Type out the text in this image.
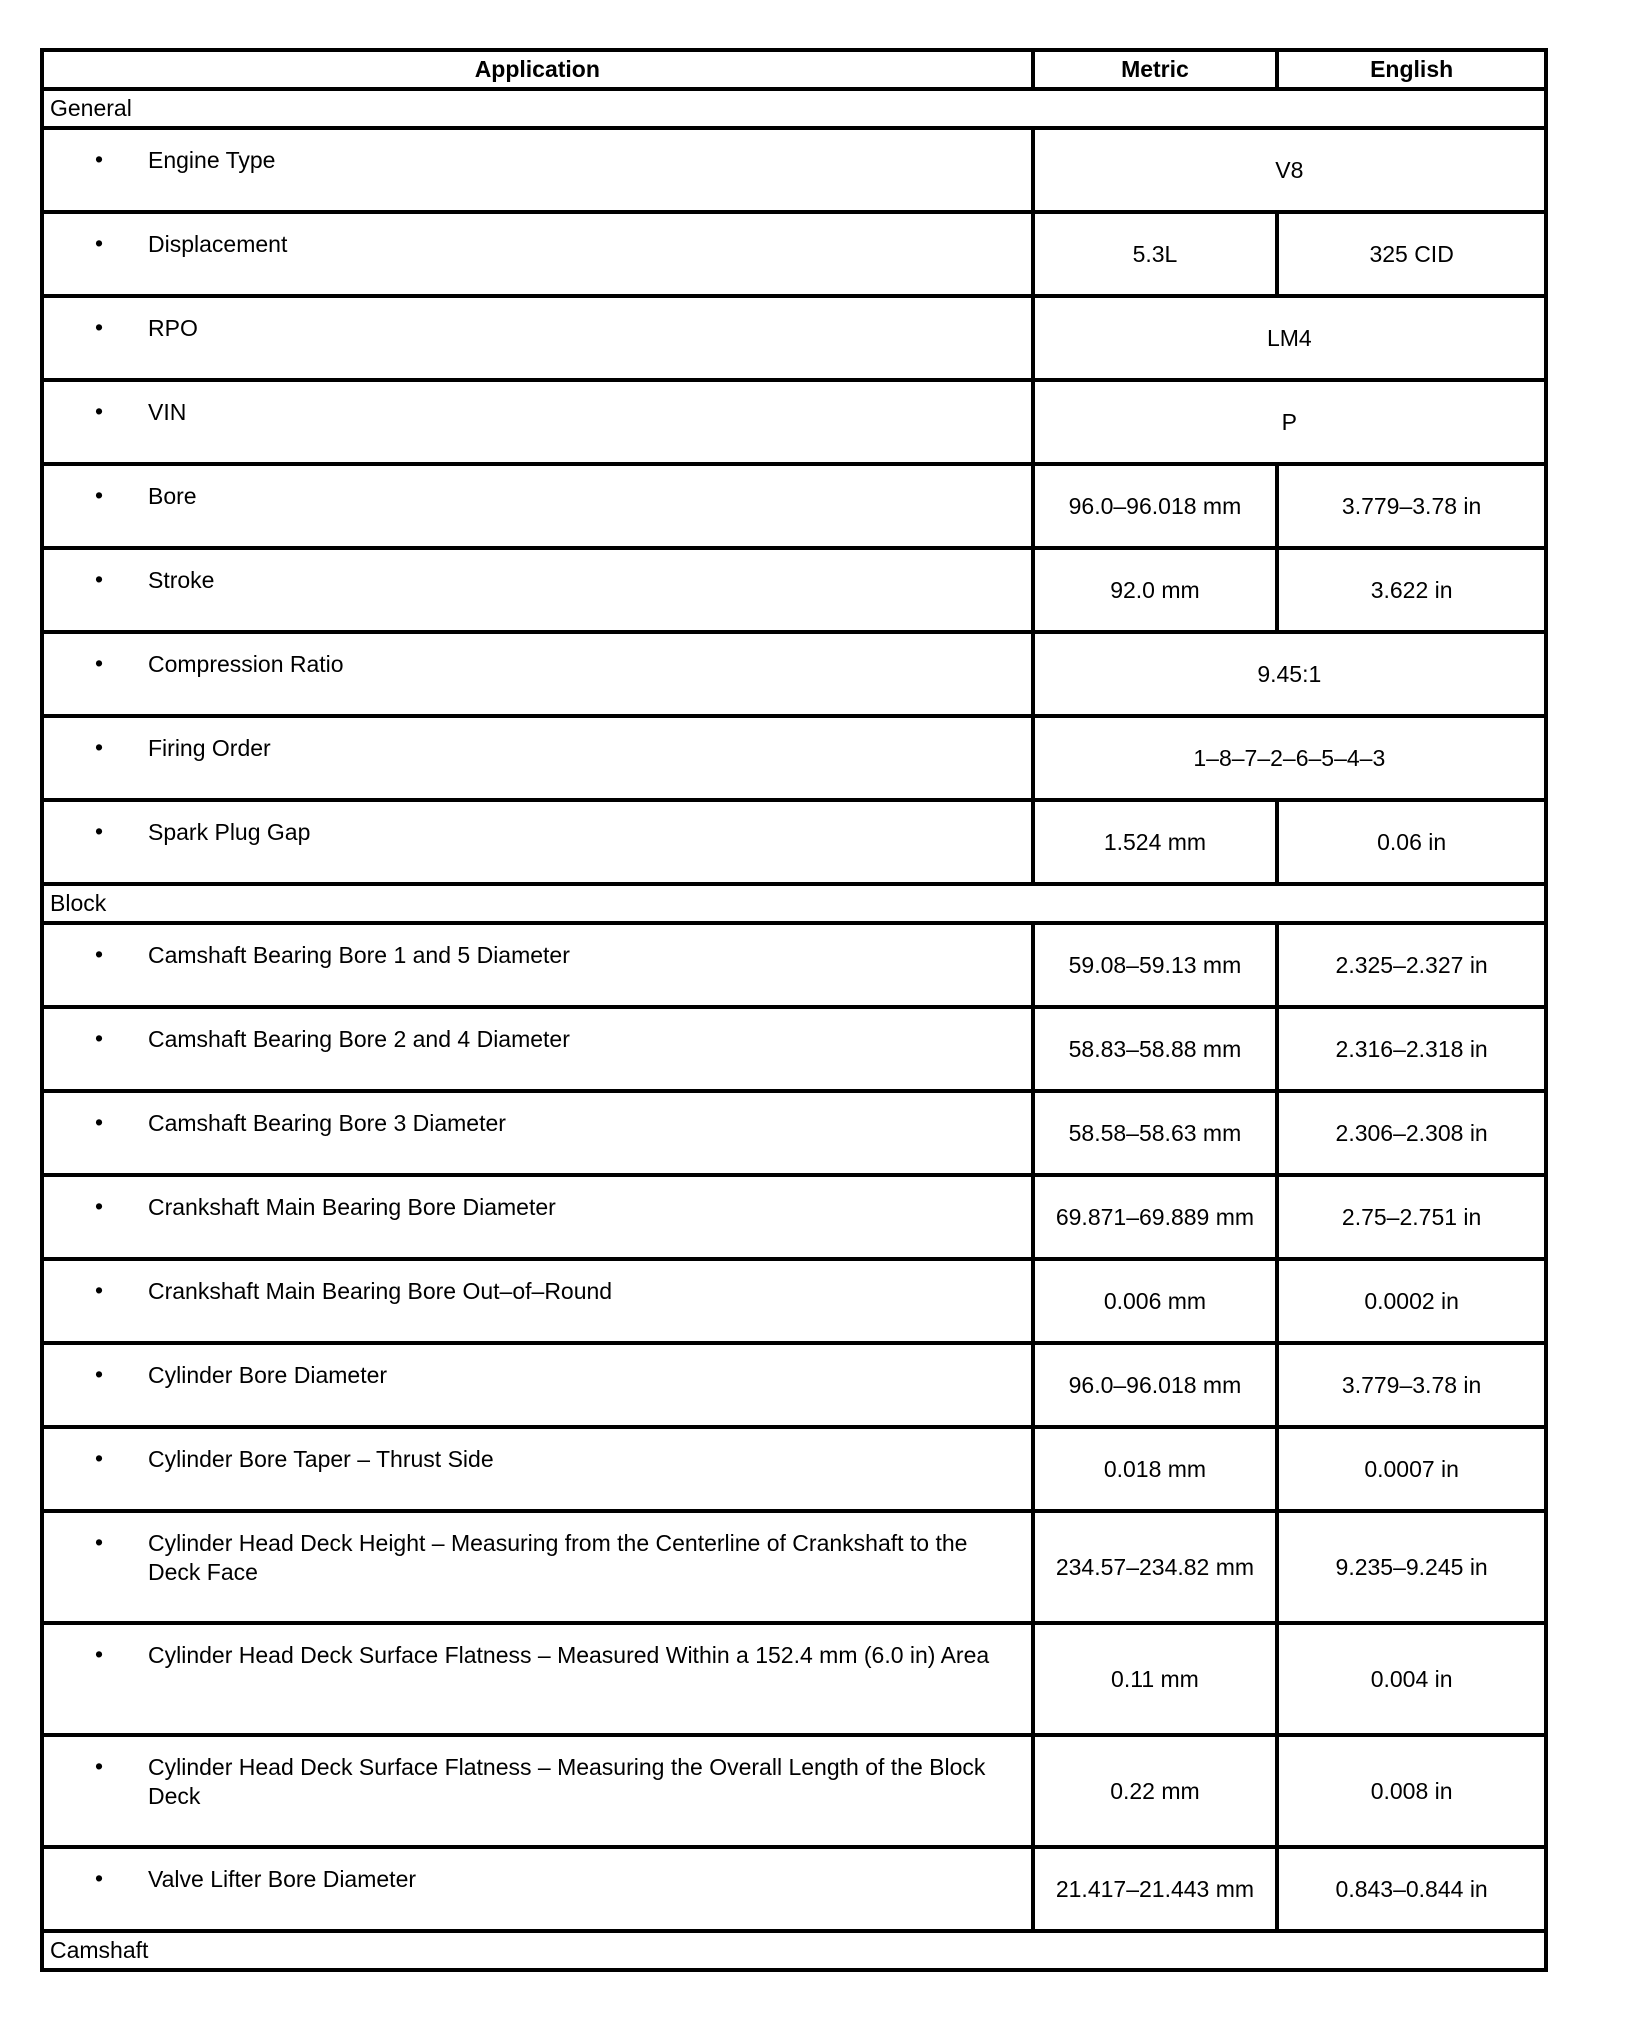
Application	Metric	English
General		

• Engine Type	V8	

• Displacement	5.3L	325 CID

• RPO	LM4	

• VIN	P	

• Bore	96.0–96.018 mm	3.779–3.78 in

• Stroke	92.0 mm	3.622 in

• Compression Ratio	9.45:1	

• Firing Order	1–8–7–2–6–5–4–3	

• Spark Plug Gap	1.524 mm	0.06 in
Block		

• Camshaft Bearing Bore 1 and 5 Diameter	59.08–59.13 mm	2.325–2.327 in

• Camshaft Bearing Bore 2 and 4 Diameter	58.83–58.88 mm	2.316–2.318 in

• Camshaft Bearing Bore 3 Diameter	58.58–58.63 mm	2.306–2.308 in

• Crankshaft Main Bearing Bore Diameter	69.871–69.889 mm	2.75–2.751 in

• Crankshaft Main Bearing Bore Out–of–Round	0.006 mm	0.0002 in

• Cylinder Bore Diameter	96.0–96.018 mm	3.779–3.78 in

• Cylinder Bore Taper – Thrust Side	0.018 mm	0.0007 in

• Cylinder Head Deck Height – Measuring from the Centerline of Crankshaft to the Deck Face	234.57–234.82 mm	9.235–9.245 in

• Cylinder Head Deck Surface Flatness – Measured Within a 152.4 mm (6.0 in) Area	0.11 mm	0.004 in

• Cylinder Head Deck Surface Flatness – Measuring the Overall Length of the Block Deck	0.22 mm	0.008 in

• Valve Lifter Bore Diameter	21.417–21.443 mm	0.843–0.844 in
Camshaft		
